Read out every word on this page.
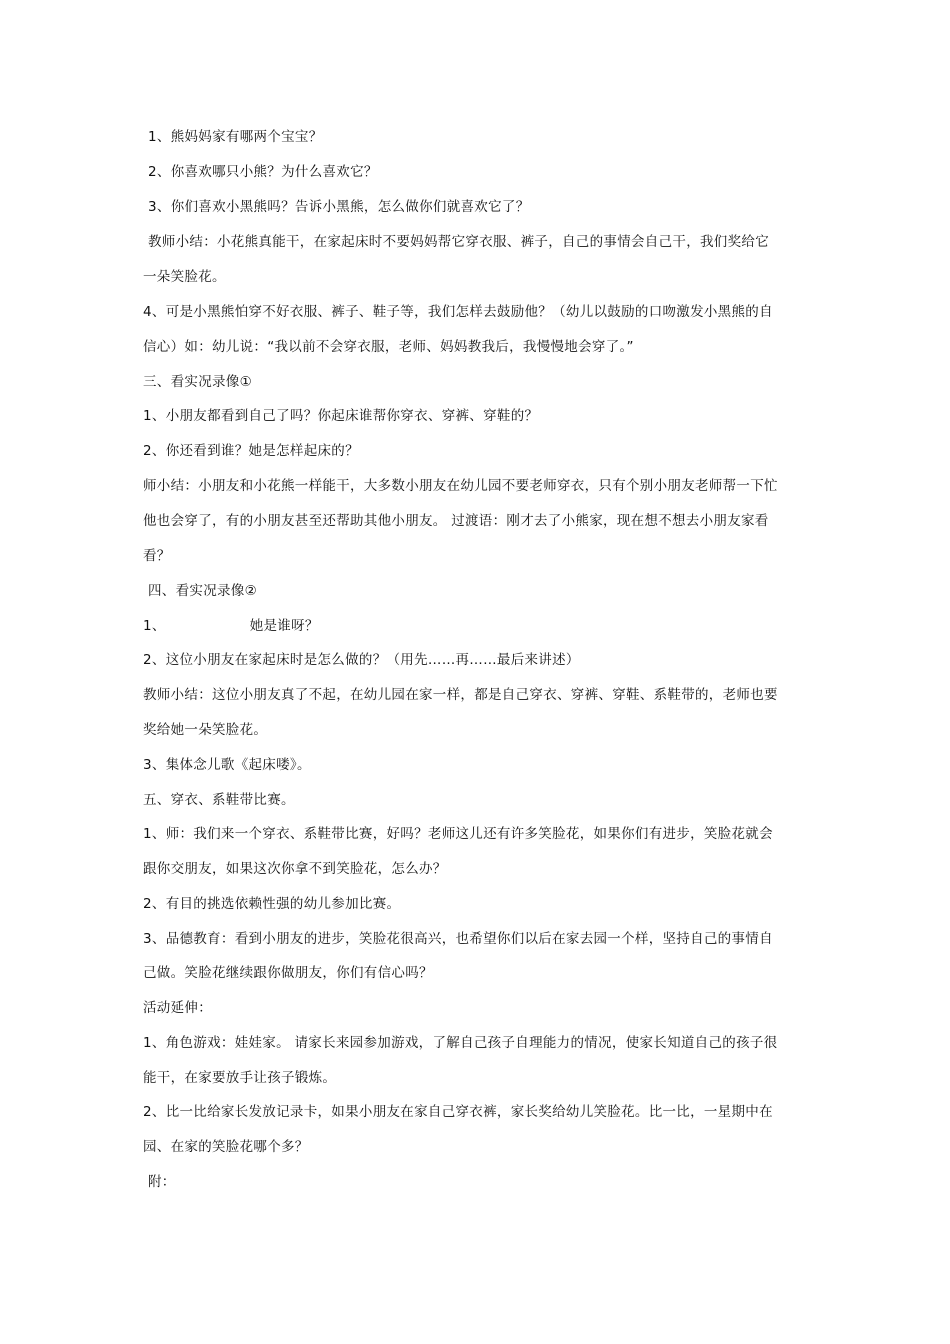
1、熊妈妈家有哪两个宝宝？
2、你喜欢哪只小熊？为什么喜欢它？
3、你们喜欢小黑熊吗？告诉小黑熊，怎么做你们就喜欢它了？
教师小结：小花熊真能干，在家起床时不要妈妈帮它穿衣服、裤子，自己的事情会自己干，我们奖给它
一朵笑脸花。
4、可是小黑熊怕穿不好衣服、裤子、鞋子等，我们怎样去鼓励他？（幼儿以鼓励的口吻激发小黑熊的自
信心）如：幼儿说：“我以前不会穿衣服，老师、妈妈教我后，我慢慢地会穿了。”
三、看实况录像①
1、小朋友都看到自己了吗？你起床谁帮你穿衣、穿裤、穿鞋的？
2、你还看到谁？她是怎样起床的？
师小结：小朋友和小花熊一样能干，大多数小朋友在幼儿园不要老师穿衣，只有个别小朋友老师帮一下忙
他也会穿了，有的小朋友甚至还帮助其他小朋友。 过渡语：刚才去了小熊家，现在想不想去小朋友家看
看？
四、看实况录像②
1、	她是谁呀？
2、这位小朋友在家起床时是怎么做的？（用先……再……最后来讲述）
教师小结：这位小朋友真了不起，在幼儿园在家一样，都是自己穿衣、穿裤、穿鞋、系鞋带的，老师也要
奖给她一朵笑脸花。
3、集体念儿歌《起床喽》。
五、穿衣、系鞋带比赛。
1、师：我们来一个穿衣、系鞋带比赛，好吗？老师这儿还有许多笑脸花，如果你们有进步，笑脸花就会
跟你交朋友，如果这次你拿不到笑脸花，怎么办？
2、有目的挑选依赖性强的幼儿参加比赛。
3、品德教育：看到小朋友的进步，笑脸花很高兴，也希望你们以后在家去园一个样，坚持自己的事情自
己做。笑脸花继续跟你做朋友，你们有信心吗？
活动延伸：
1、角色游戏：娃娃家。 请家长来园参加游戏，了解自己孩子自理能力的情况，使家长知道自己的孩子很
能干，在家要放手让孩子锻炼。
2、比一比给家长发放记录卡，如果小朋友在家自己穿衣裤，家长奖给幼儿笑脸花。比一比，一星期中在
园、在家的笑脸花哪个多？
附：
